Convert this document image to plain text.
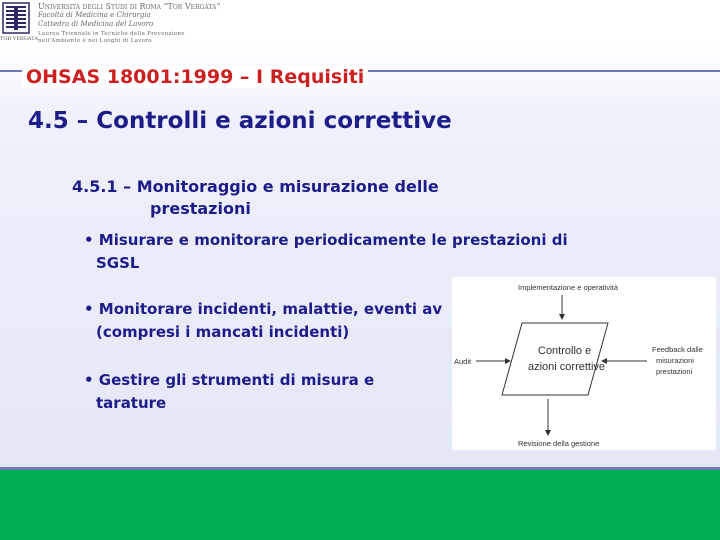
TOR VERGATA
Università degli Studi di Roma “Tor Vergata”
Facoltà di Medicina e Chirurgia
Cattedra di Medicina del Lavoro
Laurea Triennale in Tecniche della Prevenzione
nell'Ambiente e nei Luoghi di Lavoro
OHSAS 18001:1999 – I Requisiti
4.5 – Controlli e azioni correttive
4.5.1 – Monitoraggio e misurazione delle
prestazioni
• Misurare e monitorare periodicamente le prestazioni di
SGSL
• Monitorare incidenti, malattie, eventi av
(compresi i mancati incidenti)
• Gestire gli strumenti di misura e
tarature
Implementazione e operatività
Controllo e
azioni correttive
Audit
Feedback dalle
misurazioni
prestazioni
Revisione della gestione
